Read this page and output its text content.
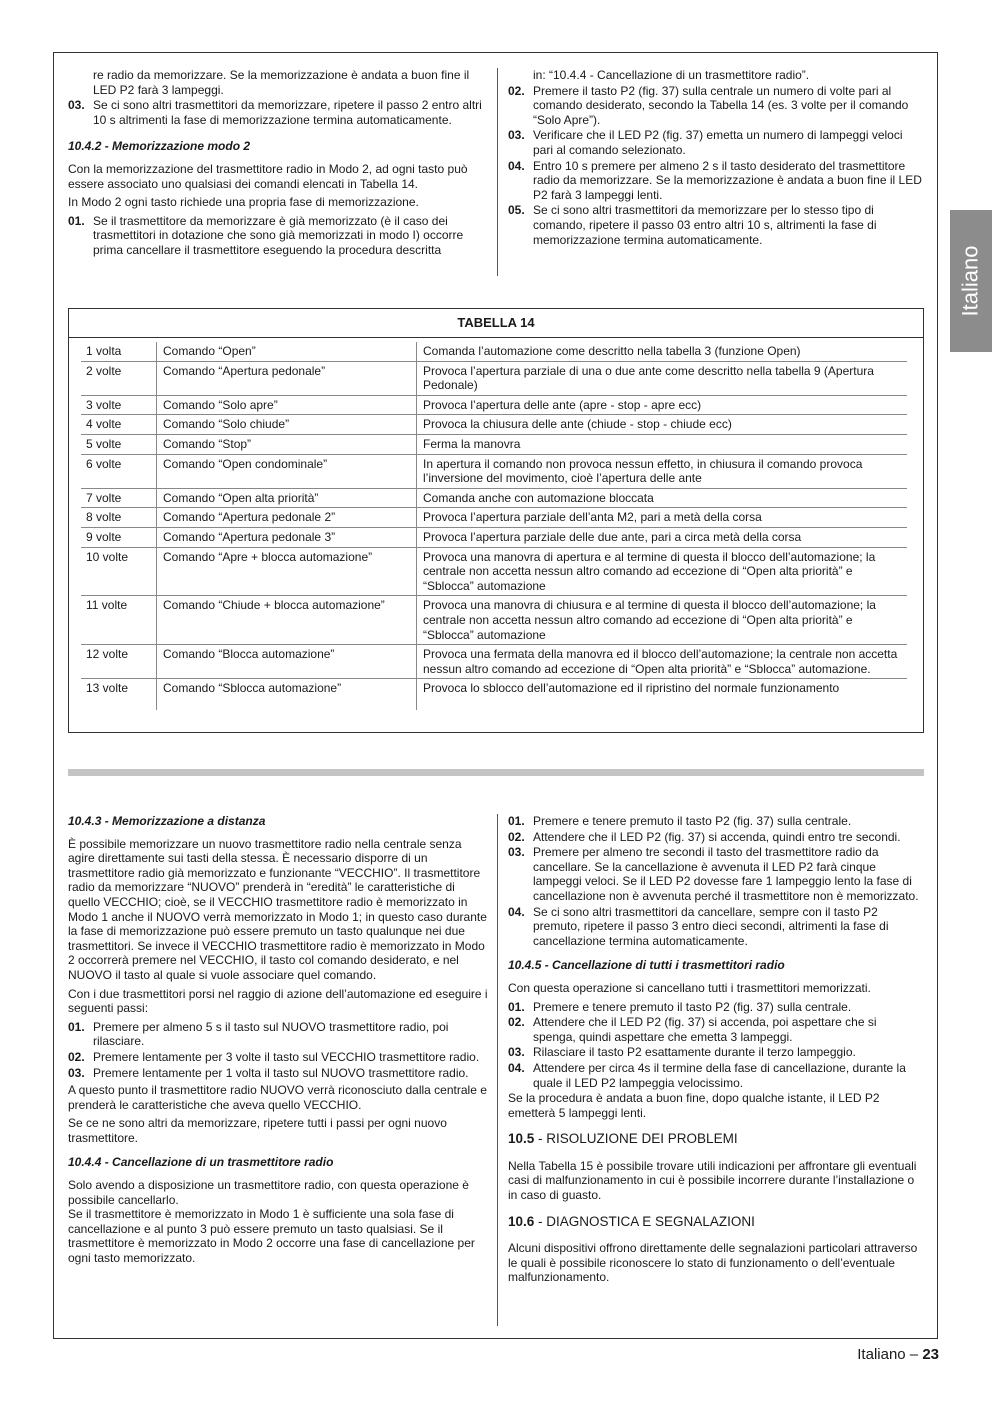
re radio da memorizzare. Se la memorizzazione è andata a buon fine il LED P2 farà 3 lampeggi.

03. Se ci sono altri trasmettitori da memorizzare, ripetere il passo 2 entro altri 10 s altrimenti la fase di memorizzazione termina automaticamente.
10.4.2 - Memorizzazione modo 2

Con la memorizzazione del trasmettitore radio in Modo 2, ad ogni tasto può essere associato uno qualsiasi dei comandi elencati in Tabella 14.

In Modo 2 ogni tasto richiede una propria fase di memorizzazione.

01. Se il trasmettitore da memorizzare è già memorizzato (è il caso dei trasmettitori in dotazione che sono già memorizzati in modo I) occorre prima cancellare il trasmettitore eseguendo la procedura descritta

in: “10.4.4 - Cancellazione di un trasmettitore radio”.

02. Premere il tasto P2 (fig. 37) sulla centrale un numero di volte pari al comando desiderato, secondo la Tabella 14 (es. 3 volte per il comando “Solo Apre”).
03. Verificare che il LED P2 (fig. 37) emetta un numero di lampeggi veloci pari al comando selezionato.
04. Entro 10 s premere per almeno 2 s il tasto desiderato del trasmettitore radio da memorizzare. Se la memorizzazione è andata a buon fine il LED P2 farà 3 lampeggi lenti.
05. Se ci sono altri trasmettitori da memorizzare per lo stesso tipo di comando, ripetere il passo 03 entro altri 10 s, altrimenti la fase di memorizzazione termina automaticamente.
Italiano
TABELLA 14
1 volta	Comando “Open”	Comanda l’automazione come descritto nella tabella 3 (funzione Open)
2 volte	Comando “Apertura pedonale”	Provoca l’apertura parziale di una o due ante come descritto nella tabella 9 (Apertura Pedonale)
3 volte	Comando “Solo apre”	Provoca l’apertura delle ante (apre - stop - apre ecc)
4 volte	Comando “Solo chiude”	Provoca la chiusura delle ante (chiude - stop - chiude ecc)
5 volte	Comando “Stop”	Ferma la manovra
6 volte	Comando “Open condominale”	In apertura il comando non provoca nessun effetto, in chiusura il comando provoca l’inversione del movimento, cioè l’apertura delle ante
7 volte	Comando “Open alta priorità”	Comanda anche con automazione bloccata
8 volte	Comando “Apertura pedonale 2”	Provoca l’apertura parziale dell’anta M2, pari a metà della corsa
9 volte	Comando “Apertura pedonale 3”	Provoca l’apertura parziale delle due ante, pari a circa metà della corsa
10 volte	Comando “Apre + blocca automazione”	Provoca una manovra di apertura e al termine di questa il blocco dell’automazione; la centrale non accetta nessun altro comando ad eccezione di “Open alta priorità” e “Sblocca” automazione
11 volte	Comando “Chiude + blocca automazione”	Provoca una manovra di chiusura e al termine di questa il blocco dell’automazione; la centrale non accetta nessun altro comando ad eccezione di “Open alta priorità” e “Sblocca” automazione
12 volte	Comando “Blocca automazione”	Provoca una fermata della manovra ed il blocco dell’automazione; la centrale non accetta nessun altro comando ad eccezione di “Open alta priorità” e “Sblocca” automazione.
13 volte	Comando “Sblocca automazione”	Provoca lo sblocco dell’automazione ed il ripristino del normale funzionamento
10.4.3 - Memorizzazione a distanza

È possibile memorizzare un nuovo trasmettitore radio nella centrale senza agire direttamente sui tasti della stessa. È necessario disporre di un trasmettitore radio già memorizzato e funzionante “VECCHIO”. Il trasmettitore radio da memorizzare “NUOVO” prenderà in “eredità” le caratteristiche di quello VECCHIO; cioè, se il VECCHIO trasmettitore radio è memorizzato in Modo 1 anche il NUOVO verrà memorizzato in Modo 1; in questo caso durante la fase di memorizzazione può essere premuto un tasto qualunque nei due trasmettitori. Se invece il VECCHIO trasmettitore radio è memorizzato in Modo 2 occorrerà premere nel VECCHIO, il tasto col comando desiderato, e nel NUOVO il tasto al quale si vuole associare quel comando.

Con i due trasmettitori porsi nel raggio di azione dell’automazione ed eseguire i seguenti passi:

01. Premere per almeno 5 s il tasto sul NUOVO trasmettitore radio, poi rilasciare.
02. Premere lentamente per 3 volte il tasto sul VECCHIO trasmettitore radio.
03. Premere lentamente per 1 volta il tasto sul NUOVO trasmettitore radio.

A questo punto il trasmettitore radio NUOVO verrà riconosciuto dalla centrale e prenderà le caratteristiche che aveva quello VECCHIO.

Se ce ne sono altri da memorizzare, ripetere tutti i passi per ogni nuovo trasmettitore.

10.4.4 - Cancellazione di un trasmettitore radio

Solo avendo a disposizione un trasmettitore radio, con questa operazione è possibile cancellarlo.

Se il trasmettitore è memorizzato in Modo 1 è sufficiente una sola fase di cancellazione e al punto 3 può essere premuto un tasto qualsiasi. Se il trasmettitore è memorizzato in Modo 2 occorre una fase di cancellazione per ogni tasto memorizzato.

01. Premere e tenere premuto il tasto P2 (fig. 37) sulla centrale.
02. Attendere che il LED P2 (fig. 37) si accenda, quindi entro tre secondi.
03. Premere per almeno tre secondi il tasto del trasmettitore radio da cancellare. Se la cancellazione è avvenuta il LED P2 farà cinque lampeggi veloci. Se il LED P2 dovesse fare 1 lampeggio lento la fase di cancellazione non è avvenuta perché il trasmettitore non è memorizzato.
04. Se ci sono altri trasmettitori da cancellare, sempre con il tasto P2 premuto, ripetere il passo 3 entro dieci secondi, altrimenti la fase di cancellazione termina automaticamente.
10.4.5 - Cancellazione di tutti i trasmettitori radio

Con questa operazione si cancellano tutti i trasmettitori memorizzati.

01. Premere e tenere premuto il tasto P2 (fig. 37) sulla centrale.
02. Attendere che il LED P2 (fig. 37) si accenda, poi aspettare che si spenga, quindi aspettare che emetta 3 lampeggi.
03. Rilasciare il tasto P2 esattamente durante il terzo lampeggio.
04. Attendere per circa 4s il termine della fase di cancellazione, durante la quale il LED P2 lampeggia velocissimo.

Se la procedura è andata a buon fine, dopo qualche istante, il LED P2 emetterà 5 lampeggi lenti.

10.5 - RISOLUZIONE DEI PROBLEMI

Nella Tabella 15 è possibile trovare utili indicazioni per affrontare gli eventuali casi di malfunzionamento in cui è possibile incorrere durante l’installazione o in caso di guasto.

10.6 - DIAGNOSTICA E SEGNALAZIONI

Alcuni dispositivi offrono direttamente delle segnalazioni particolari attraverso le quali è possibile riconoscere lo stato di funzionamento o dell’eventuale malfunzionamento.

Italiano – 23
